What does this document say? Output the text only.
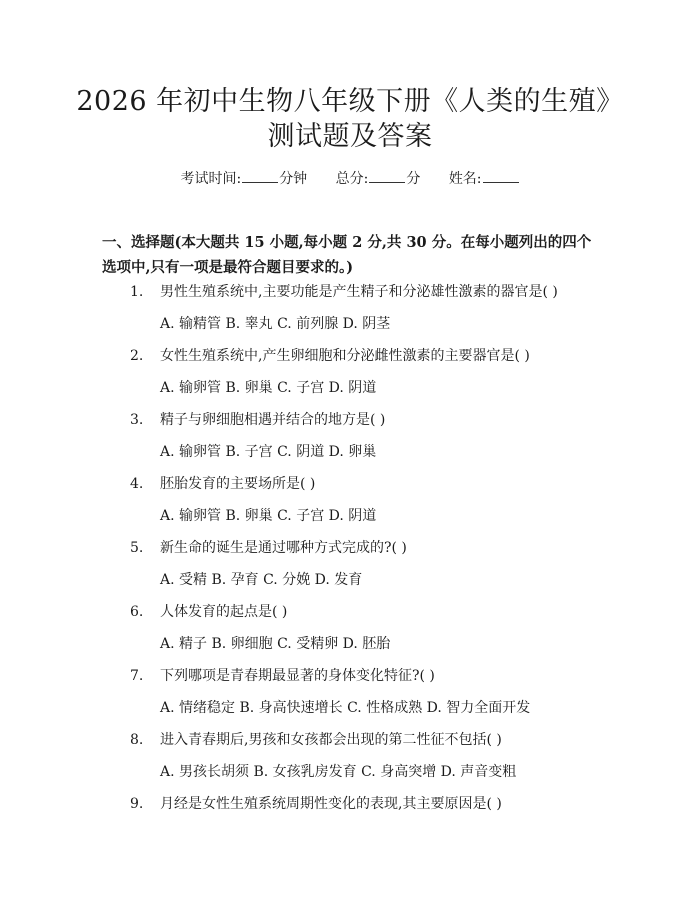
2026 年初中生物八年级下册《人类的生殖》
测试题及答案
考试时间:	分钟 总分:	分 姓名:
一、选择题(本大题共 15 小题,每小题 2 分,共 30 分。在每小题列出的四个选项中,只有一项是最符合题目要求的。)
1. 男性生殖系统中,主要功能是产生精子和分泌雄性激素的器官是( )
A. 输精管 B. 睾丸 C. 前列腺 D. 阴茎
2. 女性生殖系统中,产生卵细胞和分泌雌性激素的主要器官是( )
A. 输卵管 B. 卵巢 C. 子宫 D. 阴道
3. 精子与卵细胞相遇并结合的地方是( )
A. 输卵管 B. 子宫 C. 阴道 D. 卵巢
4. 胚胎发育的主要场所是( )
A. 输卵管 B. 卵巢 C. 子宫 D. 阴道
5. 新生命的诞生是通过哪种方式完成的?( )
A. 受精 B. 孕育 C. 分娩 D. 发育
6. 人体发育的起点是( )
A. 精子 B. 卵细胞 C. 受精卵 D. 胚胎
7. 下列哪项是青春期最显著的身体变化特征?( )
A. 情绪稳定 B. 身高快速增长 C. 性格成熟 D. 智力全面开发
8. 进入青春期后,男孩和女孩都会出现的第二性征不包括( )
A. 男孩长胡须 B. 女孩乳房发育 C. 身高突增 D. 声音变粗
9. 月经是女性生殖系统周期性变化的表现,其主要原因是( )
